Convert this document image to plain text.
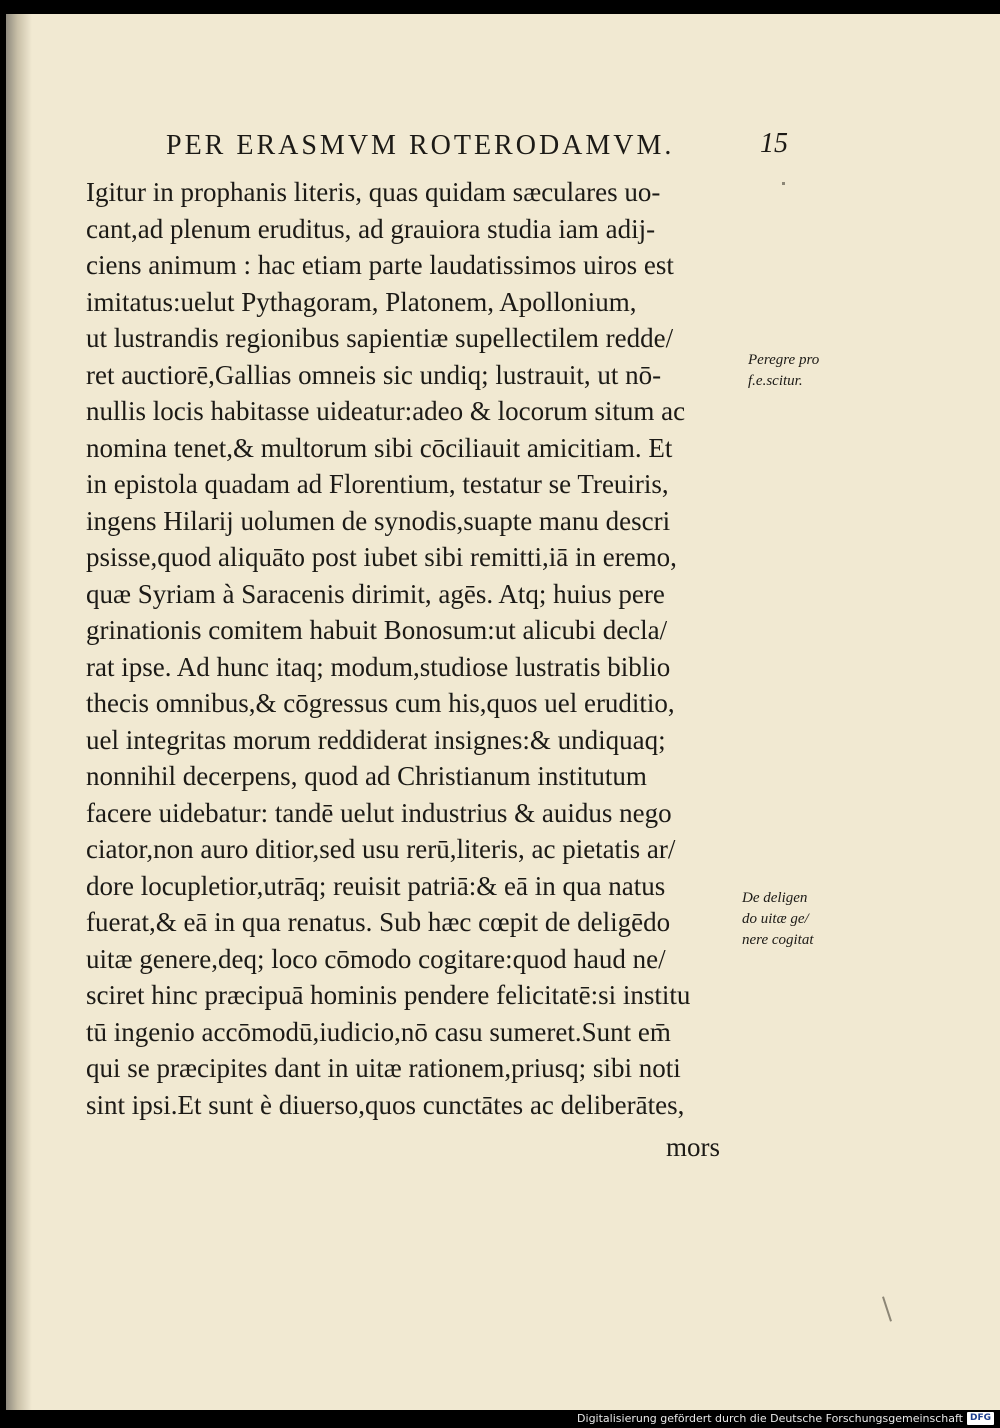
PER ERASMVM ROTERODAMVM.	15
Igitur in prophanis literis, quas quidam sæculares uo-
cant,ad plenum eruditus, ad grauiora studia iam adij-
ciens animum : hac etiam parte laudatissimos uiros est
imitatus:uelut Pythagoram, Platonem, Apollonium,
ut lustrandis regionibus sapientiæ supellectilem redde/
ret auctiorē,Gallias omneis sic undiq; lustrauit, ut nō-
nullis locis habitasse uideatur:adeo & locorum situm ac
nomina tenet,& multorum sibi cōciliauit amicitiam. Et
in epistola quadam ad Florentium, testatur se Treuiris,
ingens Hilarij uolumen de synodis,suapte manu descri
psisse,quod aliquāto post iubet sibi remitti,iā in eremo,
quæ Syriam à Saracenis dirimit, agēs. Atq; huius pere
grinationis comitem habuit Bonosum:ut alicubi decla/
rat ipse. Ad hunc itaq; modum,studiose lustratis biblio
thecis omnibus,& cōgressus cum his,quos uel eruditio,
uel integritas morum reddiderat insignes:& undiquaq;
nonnihil decerpens, quod ad Christianum institutum
facere uidebatur: tandē uelut industrius & auidus nego
ciator,non auro ditior,sed usu rerū,literis, ac pietatis ar/
dore locupletior,utrāq; reuisit patriā:& eā in qua natus
fuerat,& eā in qua renatus. Sub hæc cœpit de deligēdo
uitæ genere,deq; loco cōmodo cogitare:quod haud ne/
sciret hinc præcipuā hominis pendere felicitatē:si institu
tū ingenio accōmodū,iudicio,nō casu sumeret.Sunt em̄
qui se præcipites dant in uitæ rationem,priusq; sibi noti
sint ipsi.Et sunt è diuerso,quos cunctātes ac deliberātes,
mors
Peregre pro
f.e.scitur.
De deligen
do uitæ ge/
nere cogitat
Digitalisierung gefördert durch die Deutsche Forschungsgemeinschaft DFG
